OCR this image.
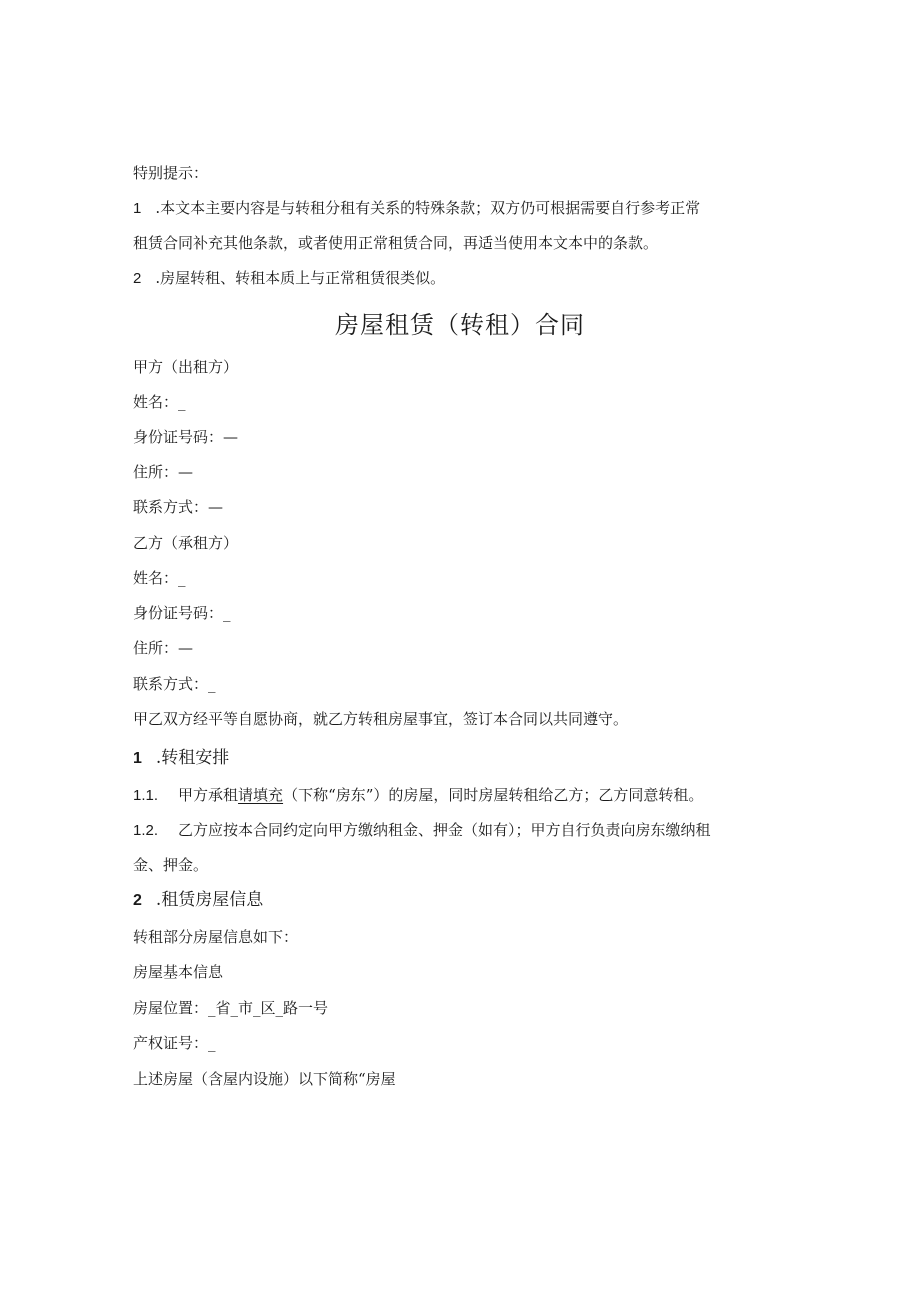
特别提示：
1 .本文本主要内容是与转租分租有关系的特殊条款；双方仍可根据需要自行参考正常
租赁合同补充其他条款，或者使用正常租赁合同，再适当使用本文本中的条款。
2 .房屋转租、转租本质上与正常租赁很类似。
房屋租赁（转租）合同
甲方（出租方）
姓名：_
身份证号码：—
住所：—
联系方式：—
乙方（承租方）
姓名：_
身份证号码：_
住所：—
联系方式：_
甲乙双方经平等自愿协商，就乙方转租房屋事宜，签订本合同以共同遵守。
1 .转租安排
1.1. 甲方承租请填充（下称“房东”）的房屋，同时房屋转租给乙方；乙方同意转租。
1.2. 乙方应按本合同约定向甲方缴纳租金、押金（如有）；甲方自行负责向房东缴纳租
金、押金。
2 .租赁房屋信息
转租部分房屋信息如下：
房屋基本信息
房屋位置：_省_市_区_路一号
产权证号：_
上述房屋（含屋内设施）以下简称“房屋
